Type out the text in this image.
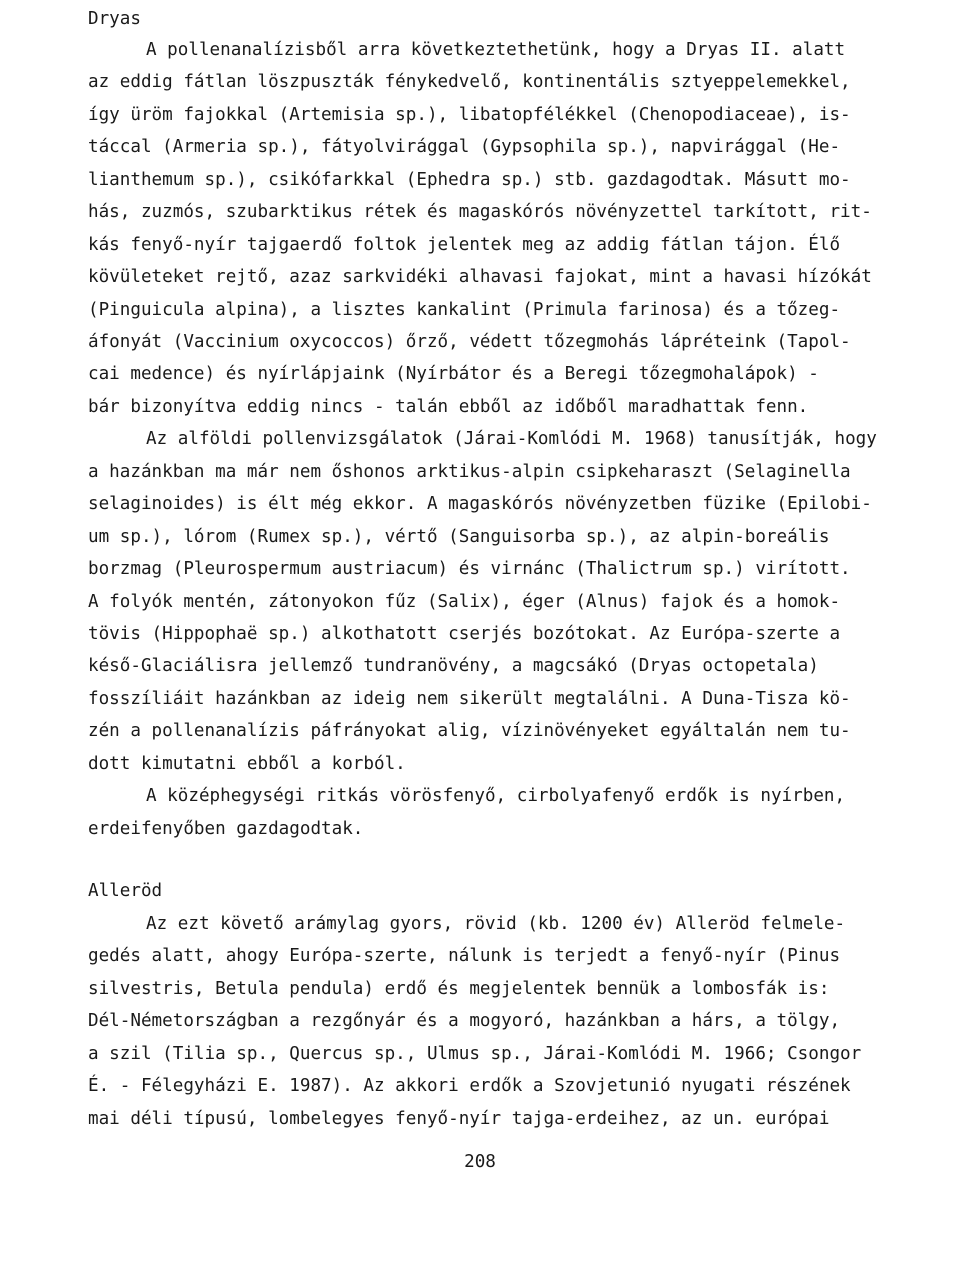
Dryas
A pollenanalízisből arra következtethetünk, hogy a Dryas II. alatt
az eddig fátlan löszpuszták fénykedvelő, kontinentális sztyeppelemekkel,
így üröm fajokkal (Artemisia sp.), libatopfélékkel (Chenopodiaceae), is-
táccal (Armeria sp.), fátyolvirággal (Gypsophila sp.), napvirággal (He-
lianthemum sp.), csikófarkkal (Ephedra sp.) stb. gazdagodtak. Másutt mo-
hás, zuzmós, szubarktikus rétek és magaskórós növényzettel tarkított, rit-
kás fenyő-nyír tajgaerdő foltok jelentek meg az addig fátlan tájon. Élő
kövületeket rejtő, azaz sarkvidéki alhavasi fajokat, mint a havasi hízókát
(Pinguicula alpina), a lisztes kankalint (Primula farinosa) és a tőzeg-
áfonyát (Vaccinium oxycoccos) őrző, védett tőzegmohás lápréteink (Tapol-
cai medence) és nyírlápjaink (Nyírbátor és a Beregi tőzegmohalápok) -
bár bizonyítva eddig nincs - talán ebből az időből maradhattak fenn.
Az alföldi pollenvizsgálatok (Járai-Komlódi M. 1968) tanusítják, hogy
a hazánkban ma már nem őshonos arktikus-alpin csipkeharaszt (Selaginella
selaginoides) is élt még ekkor. A magaskórós növényzetben füzike (Epilobi-
um sp.), lórom (Rumex sp.), vértő (Sanguisorba sp.), az alpin-boreális
borzmag (Pleurospermum austriacum) és virnánc (Thalictrum sp.) virított.
A folyók mentén, zátonyokon fűz (Salix), éger (Alnus) fajok és a homok-
tövis (Hippophaë sp.) alkothatott cserjés bozótokat. Az Európa-szerte a
késő-Glaciálisra jellemző tundranövény, a magcsákó (Dryas octopetala)
fosszíliáit hazánkban az ideig nem sikerült megtalálni. A Duna-Tisza kö-
zén a pollenanalízis páfrányokat alig, vízinövényeket egyáltalán nem tu-
dott kimutatni ebből a korból.
A középhegységi ritkás vörösfenyő, cirbolyafenyő erdők is nyírben,
erdeifenyőben gazdagodtak.
Alleröd
Az ezt követő arámylag gyors, rövid (kb. 1200 év) Alleröd felmele-
gedés alatt, ahogy Európa-szerte, nálunk is terjedt a fenyő-nyír (Pinus
silvestris, Betula pendula) erdő és megjelentek bennük a lombosfák is:
Dél-Németországban a rezgőnyár és a mogyoró, hazánkban a hárs, a tölgy,
a szil (Tilia sp., Quercus sp., Ulmus sp., Járai-Komlódi M. 1966; Csongor
É. - Félegyházi E. 1987). Az akkori erdők a Szovjetunió nyugati részének
mai déli típusú, lombelegyes fenyő-nyír tajga-erdeihez, az un. európai
208
